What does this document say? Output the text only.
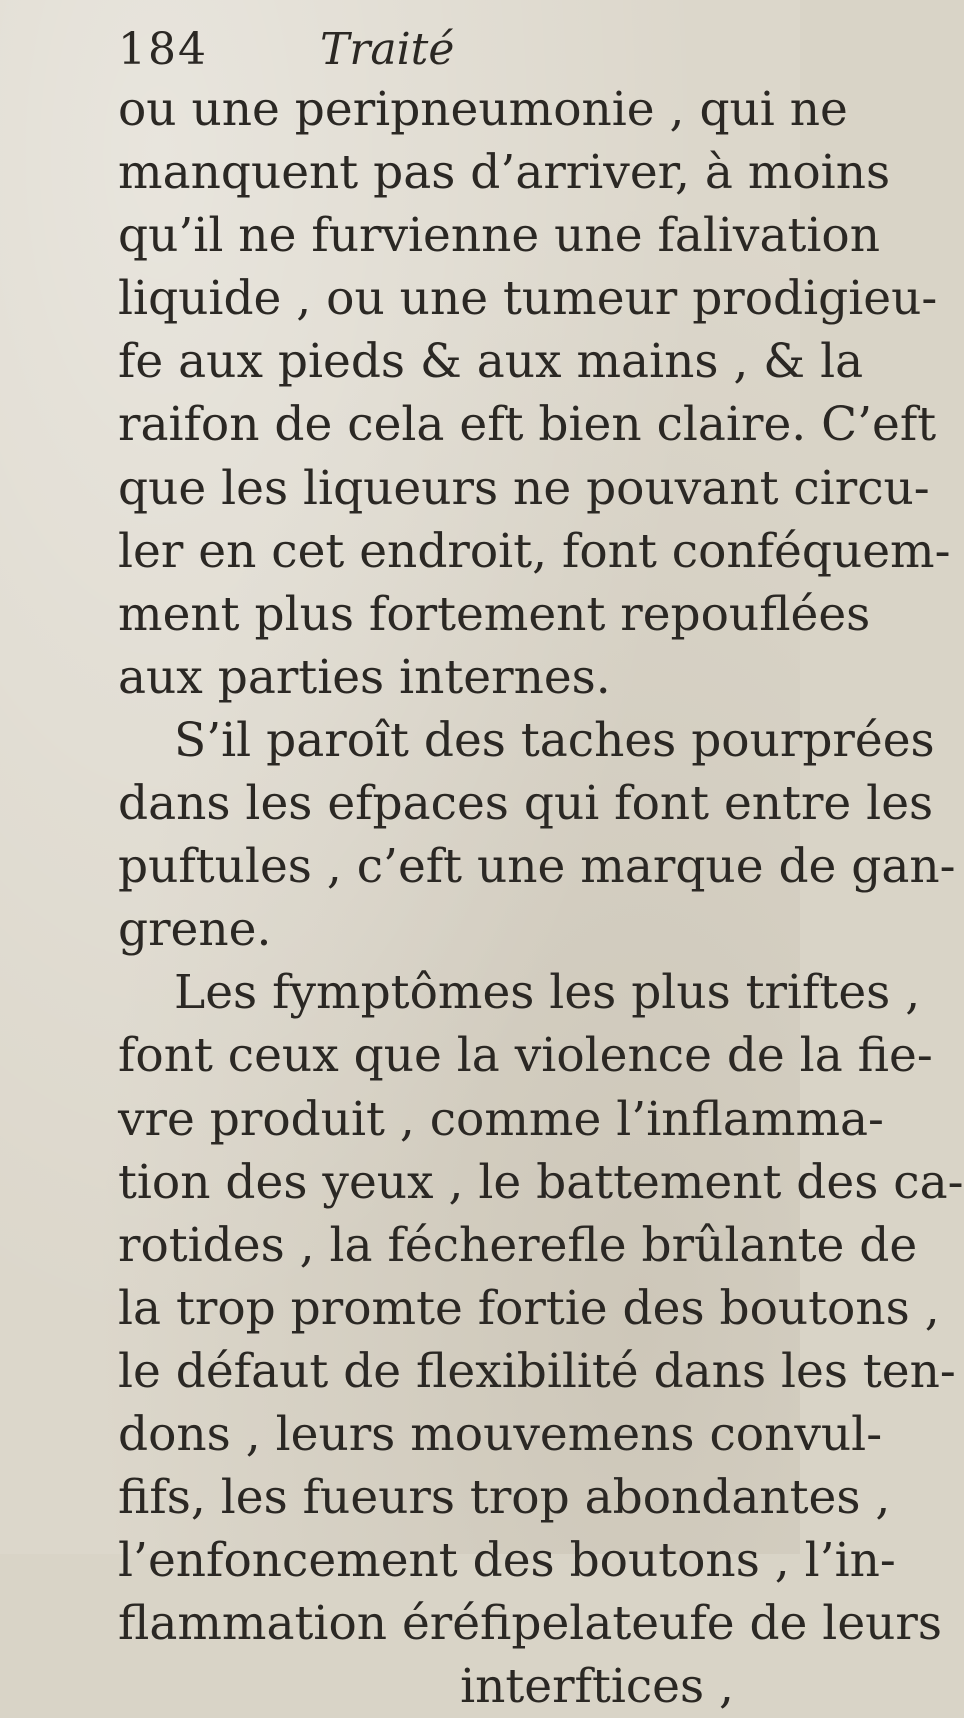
184	Traité
ou une peripneumonie , qui ne
manquent pas d’arriver, à moins
qu’il ne furvienne une falivation
liquide , ou une tumeur prodigieu-
fe aux pieds & aux mains , & la
raifon de cela eft bien claire. C’eft
que les liqueurs ne pouvant circu-
ler en cet endroit, font conféquem-
ment plus fortement repouflées
aux parties internes.
S’il paroît des taches pourprées
dans les efpaces qui font entre les
puftules , c’eft une marque de gan-
grene.
Les fymptômes les plus triftes ,
font ceux que la violence de la fie-
vre produit , comme l’inflamma-
tion des yeux , le battement des ca-
rotides , la fécherefle brûlante de
la trop promte fortie des boutons ,
le défaut de flexibilité dans les ten-
dons , leurs mouvemens convul-
fifs, les fueurs trop abondantes ,
l’enfoncement des boutons , l’in-
flammation éréfipelateufe de leurs
interftices ,
